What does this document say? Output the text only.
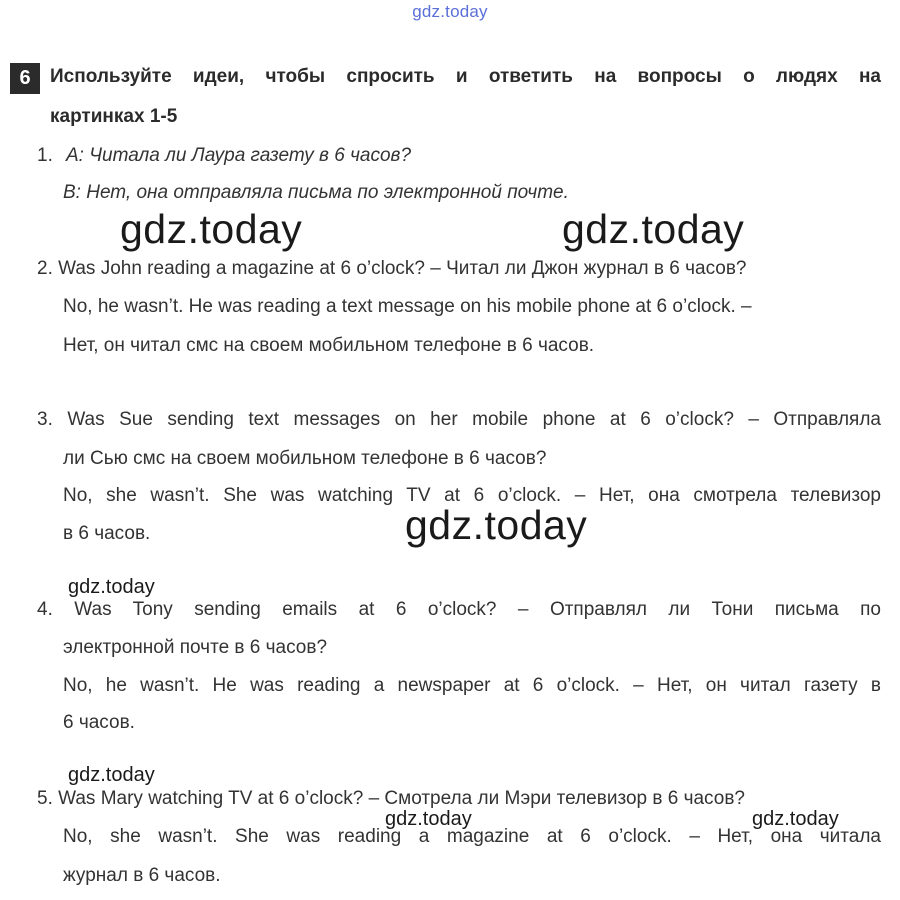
gdz.today
6	Используйте идеи, чтобы спросить и ответить на вопросы о людях на
картинках 1-5
1. A: Читала ли Лаура газету в 6 часов?
B: Нет, она отправляла письма по электронной почте.
gdz.today	gdz.today
2. Was John reading a magazine at 6 o’clock? – Читал ли Джон журнал в 6 часов?
No, he wasn’t. He was reading a text message on his mobile phone at 6 o’clock. –
Нет, он читал смс на своем мобильном телефоне в 6 часов.
3. Was Sue sending text messages on her mobile phone at 6 o’clock? – Отправляла
ли Сью смс на своем мобильном телефоне в 6 часов?
No, she wasn’t. She was watching TV at 6 o’clock. – Нет, она смотрела телевизор
в 6 часов.	gdz.today
gdz.today
4. Was Tony sending emails at 6 o’clock? – Отправлял ли Тони письма по
электронной почте в 6 часов?
No, he wasn’t. He was reading a newspaper at 6 o’clock. – Нет, он читал газету в
6 часов.
gdz.today
5. Was Mary watching TV at 6 o’clock? – Смотрела ли Мэри телевизор в 6 часов?
No, she wasn’t. She was reading a magazine at 6 o’clock. – Нет, она читала
gdz.today	gdz.today
журнал в 6 часов.
